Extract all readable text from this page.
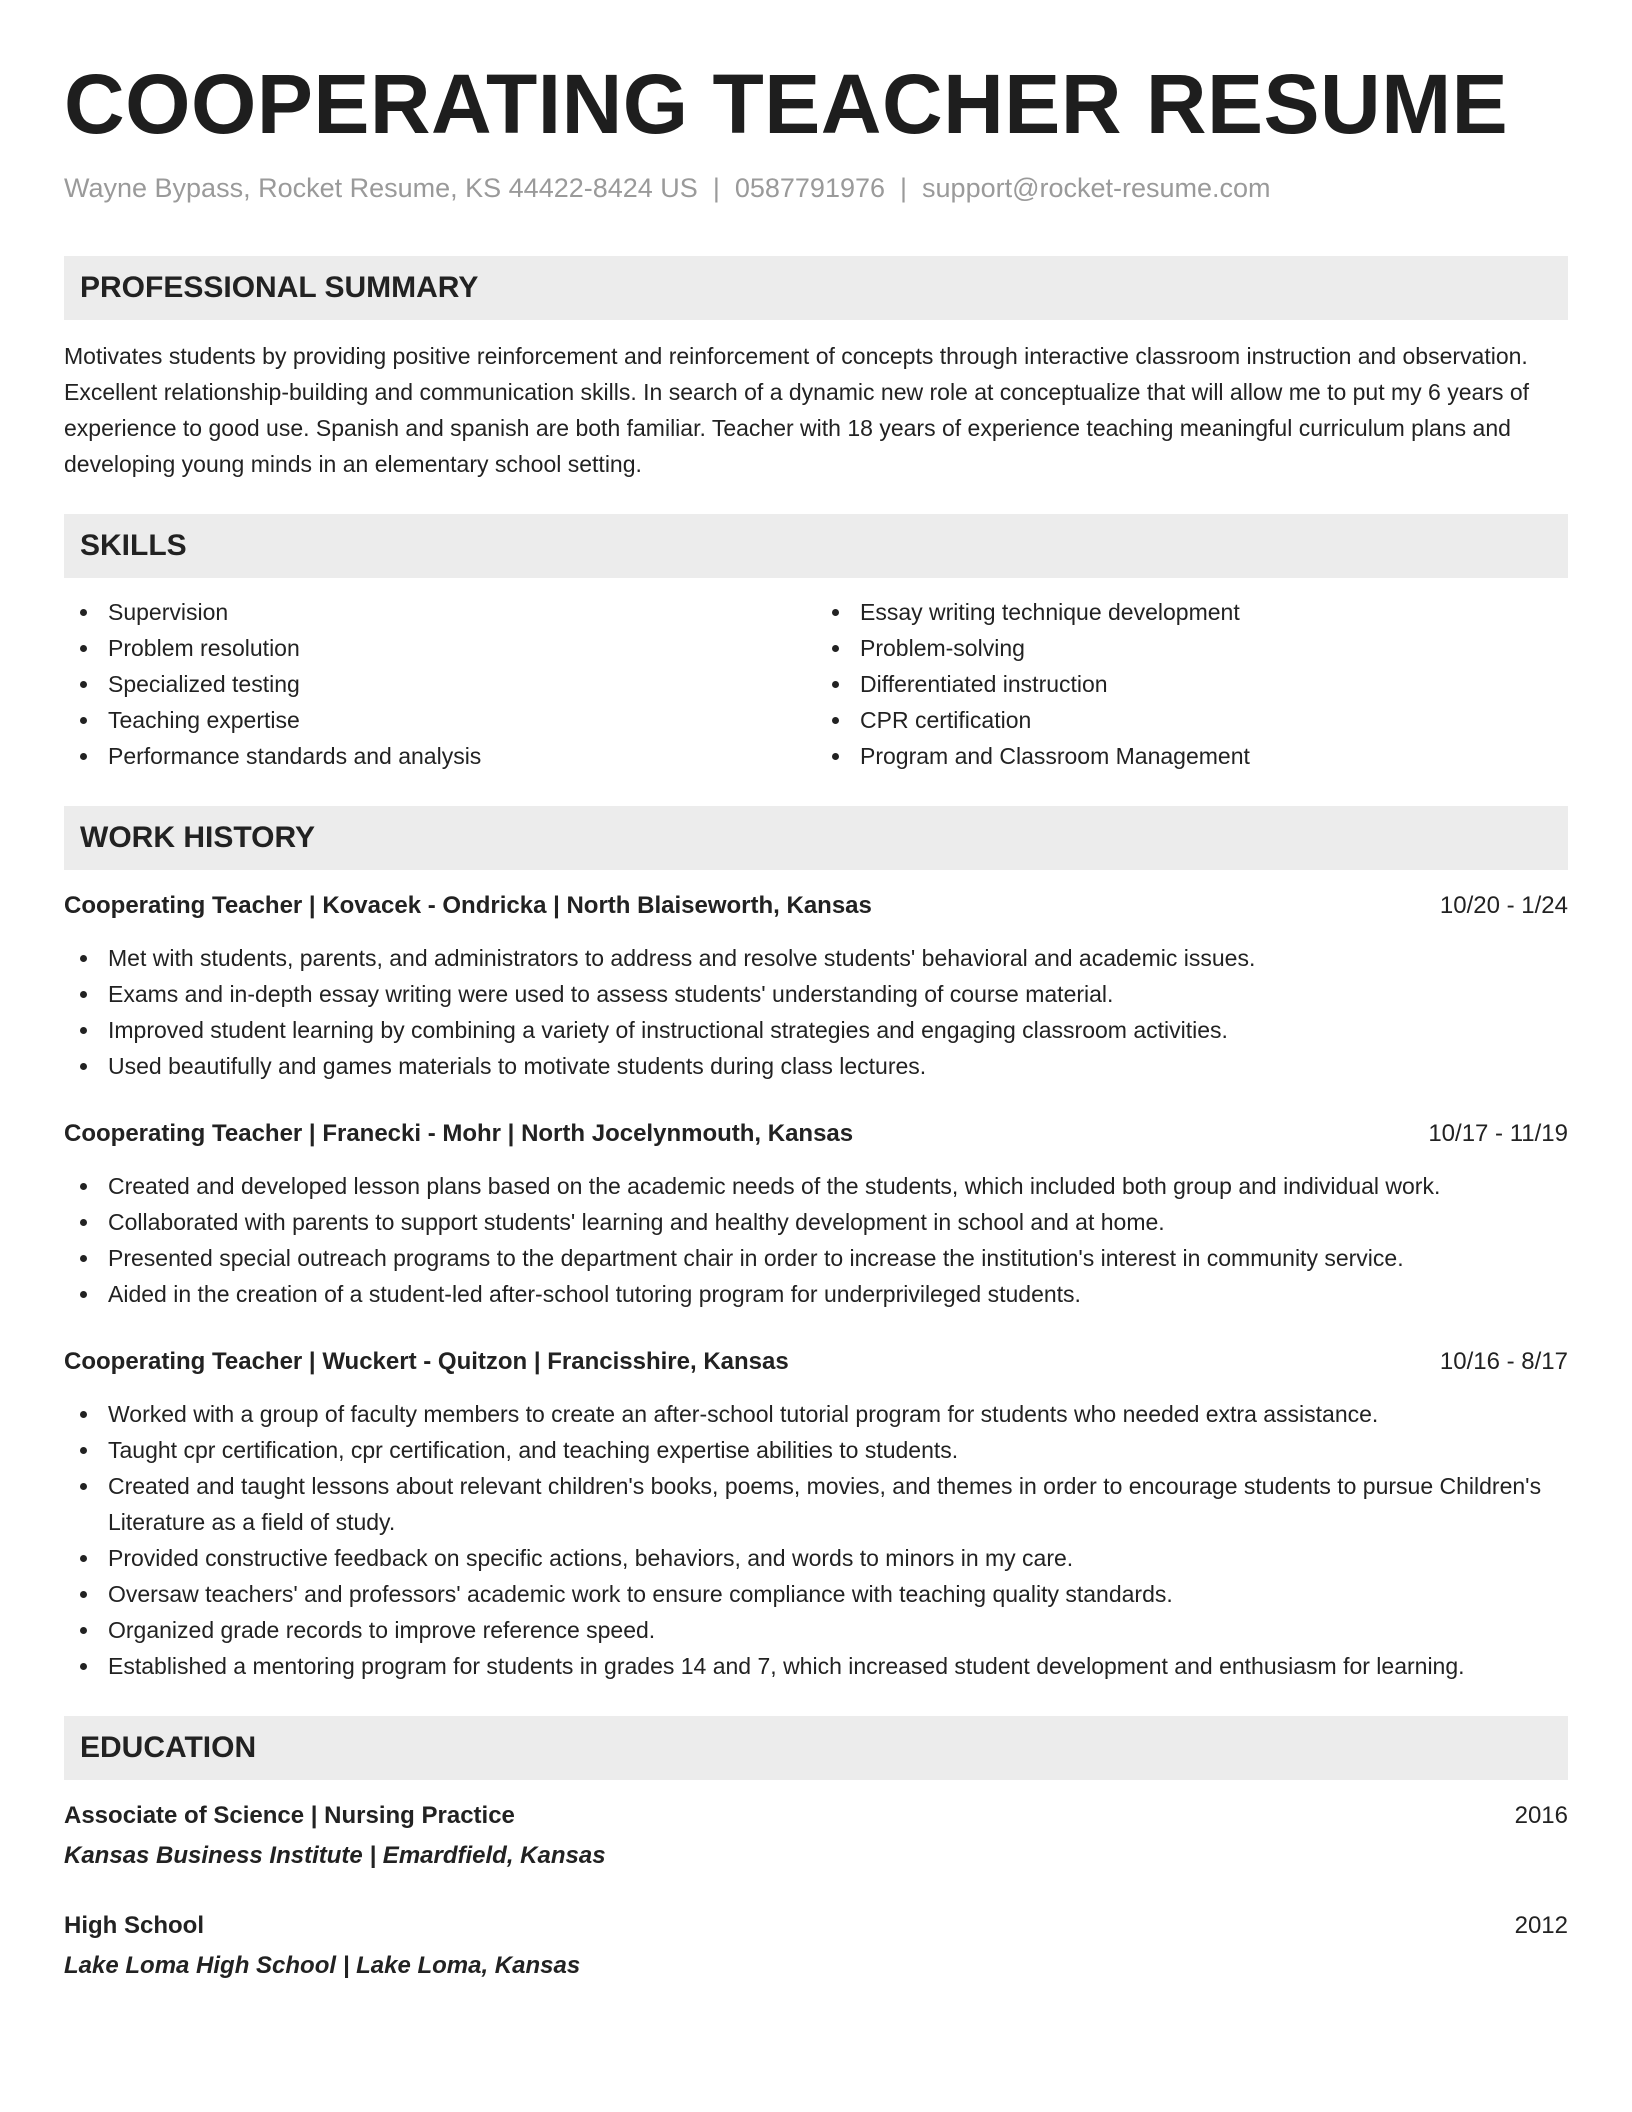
COOPERATING TEACHER RESUME
Wayne Bypass, Rocket Resume, KS 44422-8424 US | 0587791976 | support@rocket-resume.com
PROFESSIONAL SUMMARY
Motivates students by providing positive reinforcement and reinforcement of concepts through interactive classroom instruction and observation. Excellent relationship-building and communication skills. In search of a dynamic new role at conceptualize that will allow me to put my 6 years of experience to good use. Spanish and spanish are both familiar. Teacher with 18 years of experience teaching meaningful curriculum plans and developing young minds in an elementary school setting.
SKILLS
Supervision
Problem resolution
Specialized testing
Teaching expertise
Performance standards and analysis
Essay writing technique development
Problem-solving
Differentiated instruction
CPR certification
Program and Classroom Management
WORK HISTORY
Cooperating Teacher | Kovacek - Ondricka | North Blaiseworth, Kansas	10/20 - 1/24
Met with students, parents, and administrators to address and resolve students' behavioral and academic issues.
Exams and in-depth essay writing were used to assess students' understanding of course material.
Improved student learning by combining a variety of instructional strategies and engaging classroom activities.
Used beautifully and games materials to motivate students during class lectures.
Cooperating Teacher | Franecki - Mohr | North Jocelynmouth, Kansas	10/17 - 11/19
Created and developed lesson plans based on the academic needs of the students, which included both group and individual work.
Collaborated with parents to support students' learning and healthy development in school and at home.
Presented special outreach programs to the department chair in order to increase the institution's interest in community service.
Aided in the creation of a student-led after-school tutoring program for underprivileged students.
Cooperating Teacher | Wuckert - Quitzon | Francisshire, Kansas	10/16 - 8/17
Worked with a group of faculty members to create an after-school tutorial program for students who needed extra assistance.
Taught cpr certification, cpr certification, and teaching expertise abilities to students.
Created and taught lessons about relevant children's books, poems, movies, and themes in order to encourage students to pursue Children's Literature as a field of study.
Provided constructive feedback on specific actions, behaviors, and words to minors in my care.
Oversaw teachers' and professors' academic work to ensure compliance with teaching quality standards.
Organized grade records to improve reference speed.
Established a mentoring program for students in grades 14 and 7, which increased student development and enthusiasm for learning.
EDUCATION
Associate of Science | Nursing Practice	2016
Kansas Business Institute | Emardfield, Kansas
High School	2012
Lake Loma High School | Lake Loma, Kansas
